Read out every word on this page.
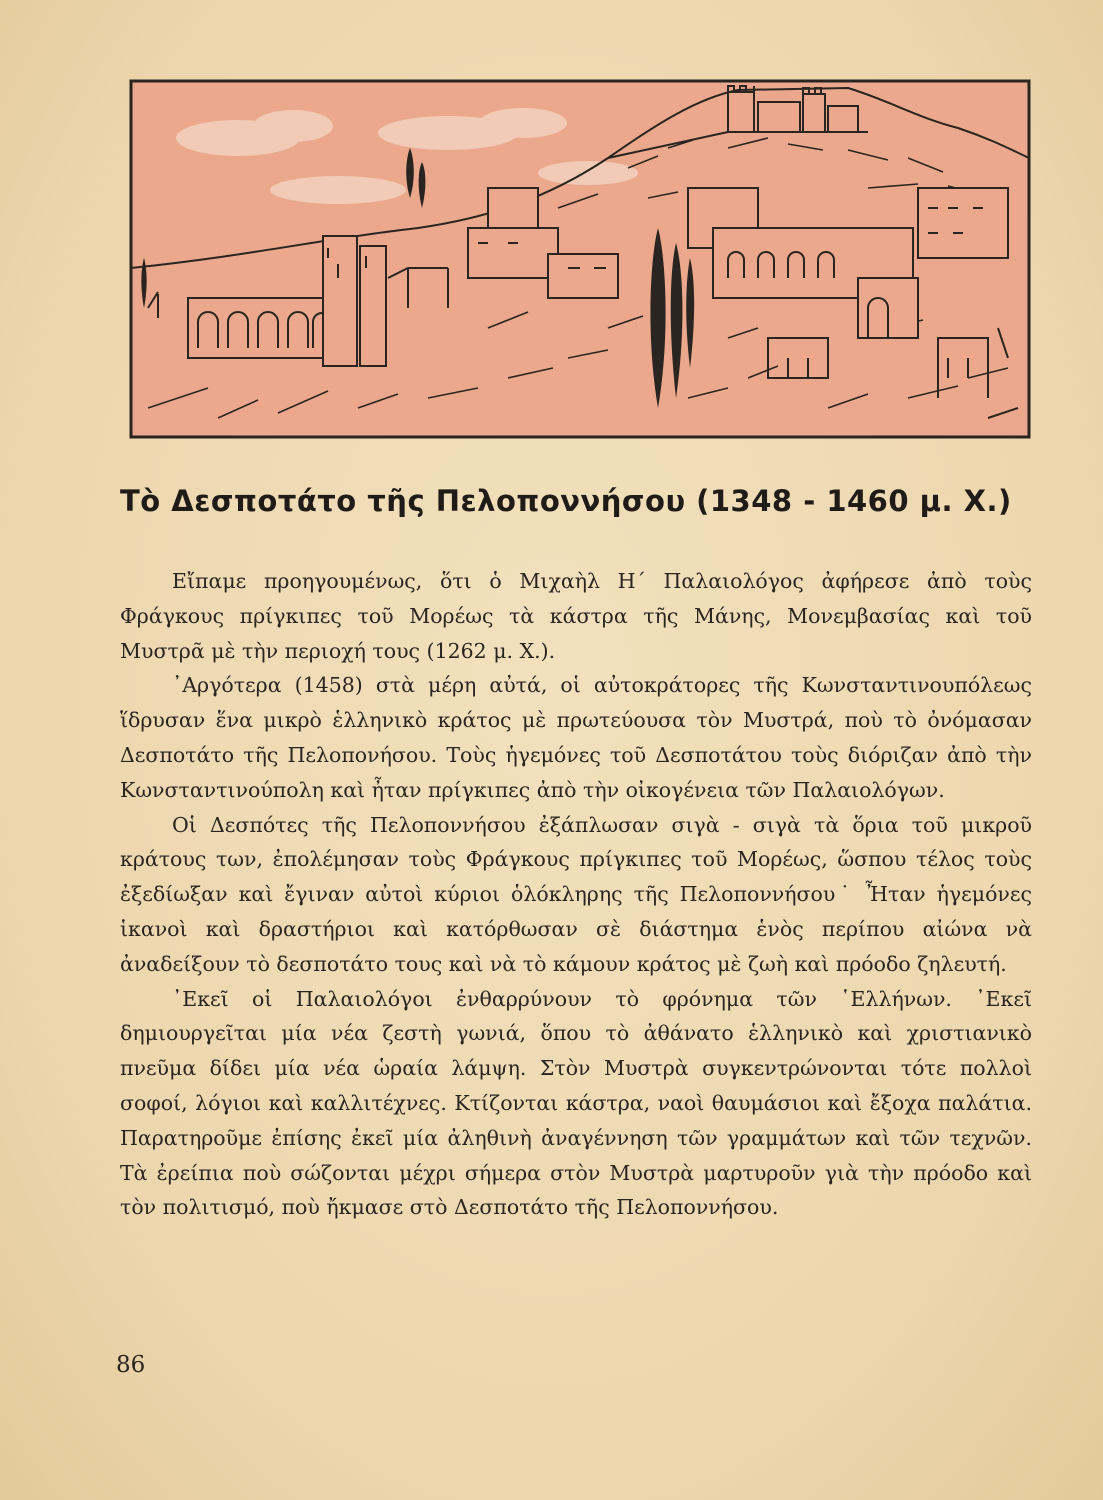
Τὸ Δεσποτάτο τῆς Πελοποννήσου (1348 - 1460 μ. Χ.)

Εἴπαμε προηγουμένως, ὅτι ὁ Μιχαὴλ Η΄ Παλαιολόγος ἀφήρεσε ἀπὸ τοὺς Φράγκους πρίγκιπες τοῦ Μορέως τὰ κάστρα τῆς Μάνης, Μονεμβασίας καὶ τοῦ Μυστρᾶ μὲ τὴν περιοχή τους (1262 μ. Χ.).

᾿Αργότερα (1458) στὰ μέρη αὐτά, οἱ αὐτοκράτορες τῆς Κωνσταντινουπόλεως ἵδρυσαν ἕνα μικρὸ ἑλληνικὸ κράτος μὲ πρωτεύουσα τὸν Μυστρά, ποὺ τὸ ὀνόμασαν Δεσποτάτο τῆς Πελοπονήσου. Τοὺς ἡγεμόνες τοῦ Δεσποτάτου τοὺς διόριζαν ἀπὸ τὴν Κωνσταντινούπολη καὶ ἦταν πρίγκιπες ἀπὸ τὴν οἰκογένεια τῶν Παλαιολόγων.

Οἱ Δεσπότες τῆς Πελοποννήσου ἐξάπλωσαν σιγὰ - σιγὰ τὰ ὅρια τοῦ μικροῦ κράτους των, ἐπολέμησαν τοὺς Φράγκους πρίγκιπες τοῦ Μορέως, ὥσπου τέλος τοὺς ἐξεδίωξαν καὶ ἔγιναν αὐτοὶ κύριοι ὁλόκληρης τῆς Πελοποννήσου˙ Ἦταν ἡγεμόνες ἱκανοὶ καὶ δραστήριοι καὶ κατόρθωσαν σὲ διάστημα ἑνὸς περίπου αἰώνα νὰ ἀναδείξουν τὸ δεσποτάτο τους καὶ νὰ τὸ κάμουν κράτος μὲ ζωὴ καὶ πρόοδο ζηλευτή.

᾿Εκεῖ οἱ Παλαιολόγοι ἐνθαρρύνουν τὸ φρόνημα τῶν ῾Ελλήνων. ᾿Εκεῖ δημιουργεῖται μία νέα ζεστὴ γωνιά, ὅπου τὸ ἀθάνατο ἑλληνικὸ καὶ χριστιανικὸ πνεῦμα δίδει μία νέα ὡραία λάμψη. Στὸν Μυστρὰ συγκεντρώνονται τότε πολλοὶ σοφοί, λόγιοι καὶ καλλιτέχνες. Κτίζονται κάστρα, ναοὶ θαυμάσιοι καὶ ἔξοχα παλάτια. Παρατηροῦμε ἐπίσης ἐκεῖ μία ἀληθινὴ ἀναγέννηση τῶν γραμμάτων καὶ τῶν τεχνῶν. Τὰ ἐρείπια ποὺ σώζονται μέχρι σήμερα στὸν Μυστρὰ μαρτυροῦν γιὰ τὴν πρόοδο καὶ τὸν πολιτισμό, ποὺ ἤκμασε στὸ Δεσποτάτο τῆς Πελοποννήσου.

86
